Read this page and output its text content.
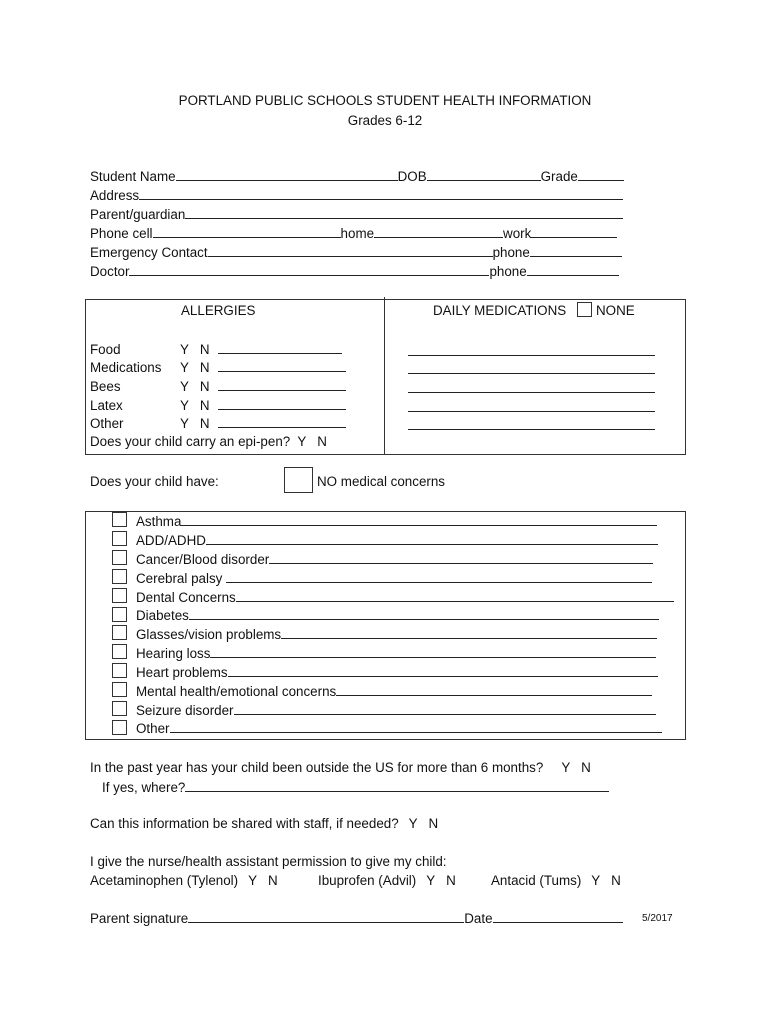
PORTLAND PUBLIC SCHOOLS STUDENT HEALTH INFORMATION
Grades 6-12
Student Name	DOB	Grade
Address
Parent/guardian
Phone cell	home	work
Emergency Contact	phone
Doctor	phone
ALLERGIES
Food	Y   N
Medications Y   N
Bees	Y   N
Latex	Y   N
Other	Y   N
Does your child carry an epi-pen?  Y   N
DAILY MEDICATIONS NONE
Does your child have:	NO medical concerns
Asthma
ADD/ADHD
Cancer/Blood disorder
Cerebral palsy
Dental Concerns
Diabetes
Glasses/vision problems
Hearing loss
Heart problems
Mental health/emotional concerns
Seizure disorder
Other
In the past year has your child been outside the US for more than 6 months? Y   N
If yes, where?
Can this information be shared with staff, if needed? Y   N
I give the nurse/health assistant permission to give my child:
Acetaminophen (Tylenol) Y   N	Ibuprofen (Advil) Y   N	Antacid (Tums) Y   N
Parent signature	Date	5/2017
